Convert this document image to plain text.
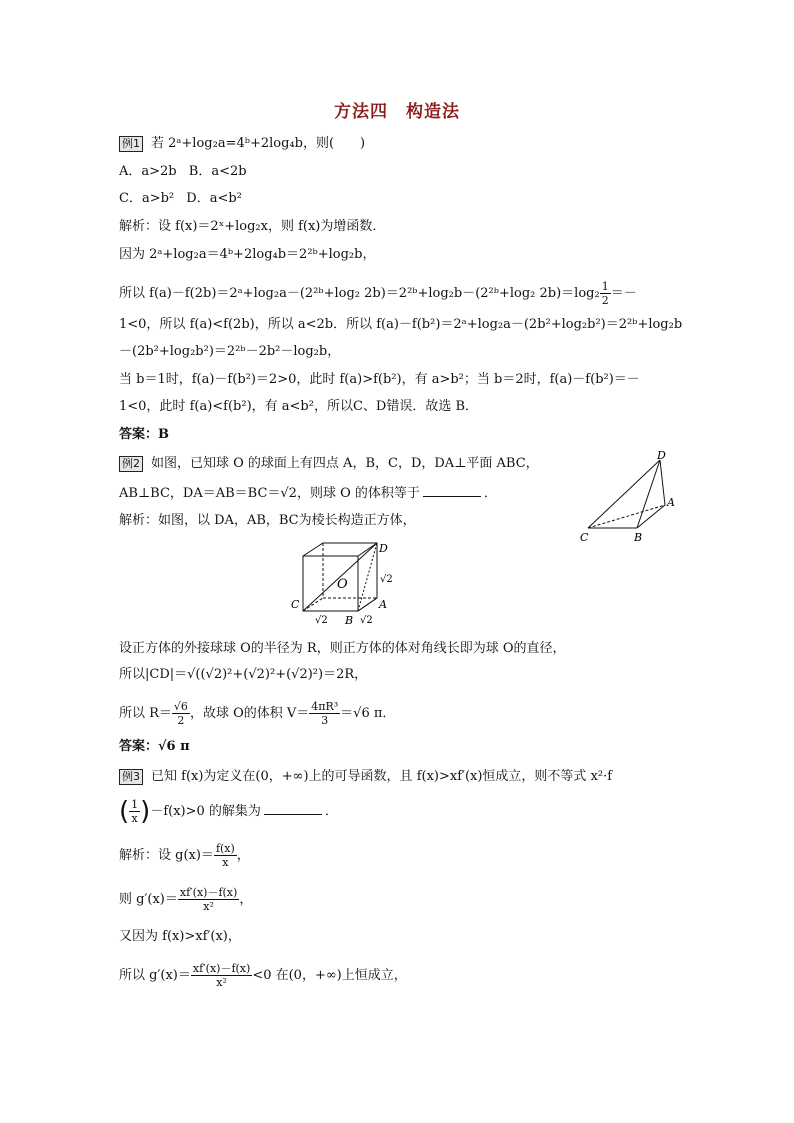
方法四　构造法
例1 若 2ᵃ+log₂a=4ᵇ+2log₄b，则(　　)
A．a>2b B．a<2b
C．a>b² D．a<b²
解析：设 f(x)＝2ˣ+log₂x，则 f(x)为增函数．
因为 2ᵃ+log₂a＝4ᵇ+2log₄b＝2²ᵇ+log₂b，
所以 f(a)－f(2b)＝2ᵃ+log₂a－(2²ᵇ+log₂ 2b)＝2²ᵇ+log₂b－(2²ᵇ+log₂ $2b)=\log_2 \frac{1}{2}$ ＝－
1<0，所以 f(a)<f(2b)，所以 a<2b．所以 f(a)－f(b²)＝2ᵃ+log₂a－(2b²+log₂b²)＝2²ᵇ+log₂b
－(2b²+log₂b²)＝2²ᵇ－2b²－log₂b，
当 b＝1时，f(a)－f(b²)＝2>0，此时 f(a)>f(b²)，有 a>b²；当 b＝2时，f(a)－f(b²)＝－
1<0，此时 f(a)<f(b²)，有 a<b²，所以C、D错误．故选 B．
答案：B
例2 如图，已知球 O 的球面上有四点 A，B，C，D，DA⊥平面 ABC，
AB⊥BC，DA＝AB＝BC＝√2，则球 O 的体积等于	．
解析：如图，以 DA，AB，BC为棱长构造正方体，
D
A
B
C
D
A
B
C
O	√2
√2	√2
设正方体的外接球球 O的半径为 R，则正方体的体对角线长即为球 O的直径，
所以|CD|＝√((√2)²+(√2)²+(√2)²)＝2R，
所以 $R= \frac{√6}{2}$ ，故球 O的体积 $V= \frac{\text{4πR³}}{3} =√6$ π．
答案：√6 π
例3 已知 f(x)为定义在(0，+∞)上的可导函数，且 f(x)>xf′(x)恒成立，则不等式 x²·f
( $\frac{1}{x} )-f(x)>0$ 的解集为	．
解析：设 $g(x)= \frac{f(x)}{x}$ ，
则 $g'(x)= \frac{xf'(x)-f(x)}{\text{x²}}$ ，
又因为 f(x)>xf′(x)，
所以 $g'(x)= \frac{xf'(x)-f(x)}{\text{x²}} <0$ 在(0，+∞)上恒成立，
